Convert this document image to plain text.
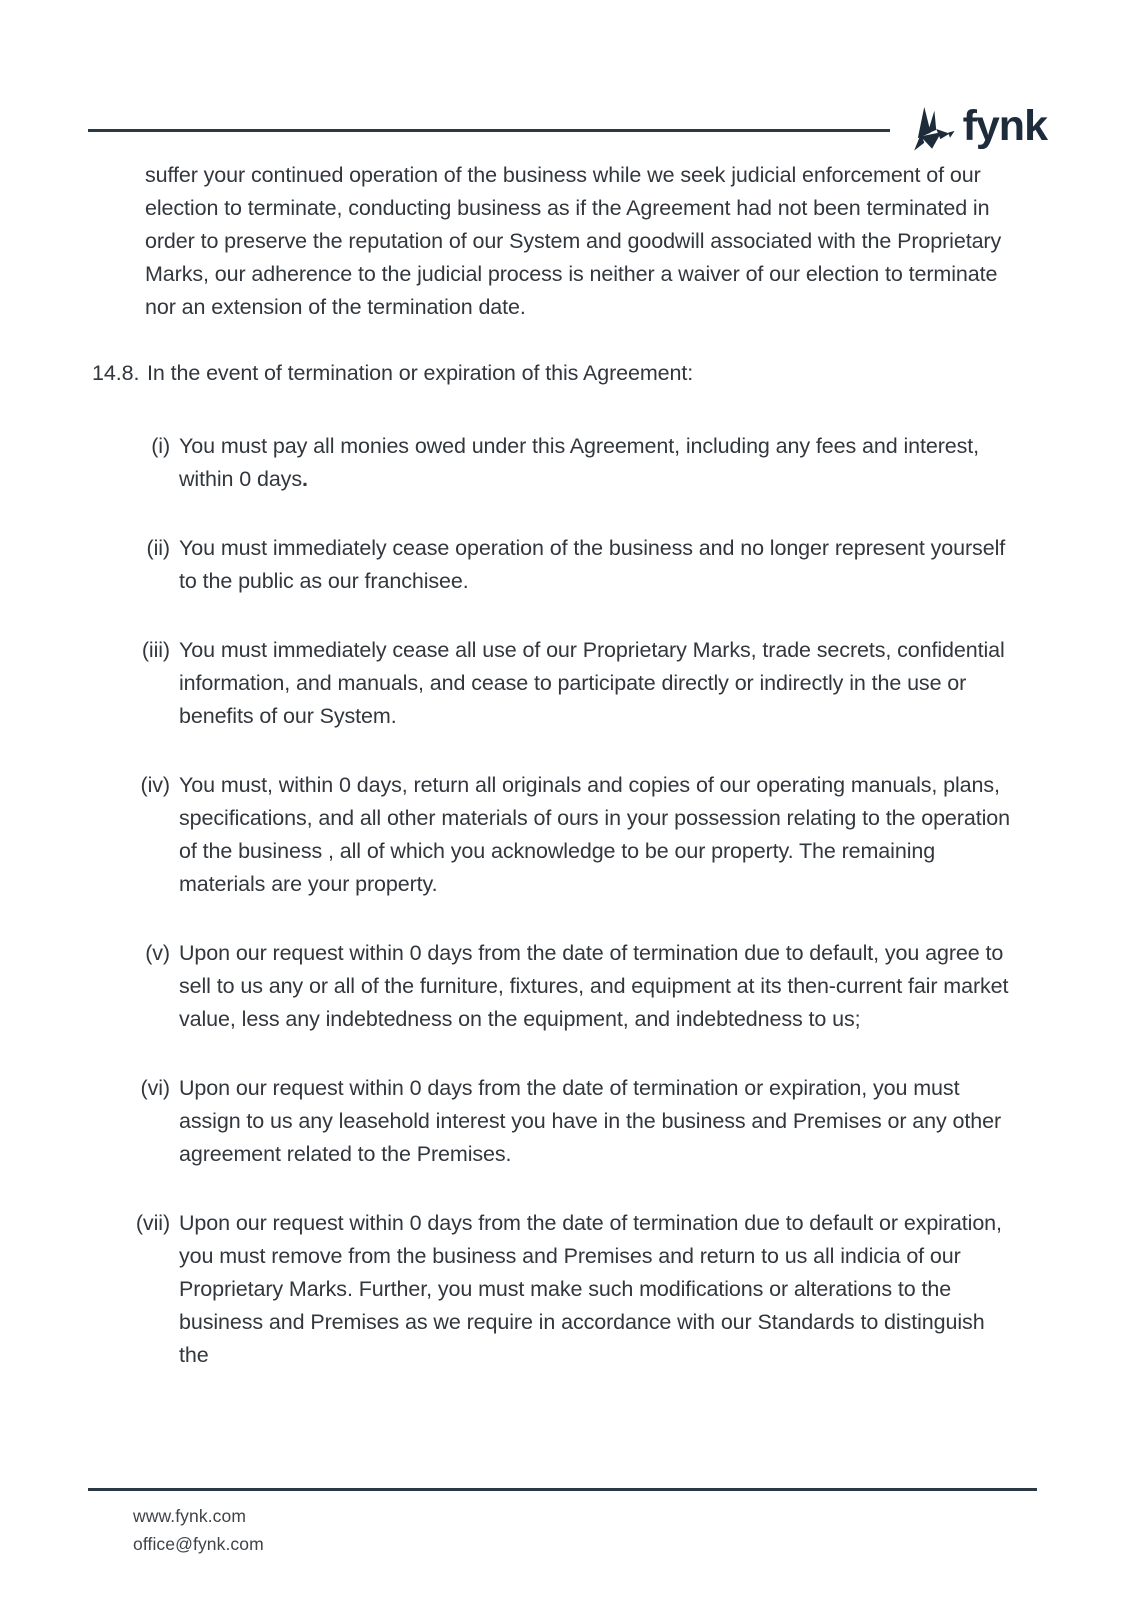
fynk

suffer your continued operation of the business while we seek judicial enforcement of our election to terminate, conducting business as if the Agreement had not been terminated in order to preserve the reputation of our System and goodwill associated with the Proprietary Marks, our adherence to the judicial process is neither a waiver of our election to terminate nor an extension of the termination date.

14.8. In the event of termination or expiration of this Agreement:
(i) You must pay all monies owed under this Agreement, including any fees and interest, within 0 days.
(ii) You must immediately cease operation of the business and no longer represent yourself to the public as our franchisee.
(iii) You must immediately cease all use of our Proprietary Marks, trade secrets, confidential information, and manuals, and cease to participate directly or indirectly in the use or benefits of our System.
(iv) You must, within 0 days, return all originals and copies of our operating manuals, plans, specifications, and all other materials of ours in your possession relating to the operation of the business , all of which you acknowledge to be our property. The remaining materials are your property.
(v) Upon our request within 0 days from the date of termination due to default, you agree to sell to us any or all of the furniture, fixtures, and equipment at its then-current fair market value, less any indebtedness on the equipment, and indebtedness to us;
(vi) Upon our request within 0 days from the date of termination or expiration, you must assign to us any leasehold interest you have in the business and Premises or any other agreement related to the Premises.
(vii) Upon our request within 0 days from the date of termination due to default or expiration, you must remove from the business and Premises and return to us all indicia of our Proprietary Marks. Further, you must make such modifications or alterations to the business and Premises as we require in accordance with our Standards to distinguish the
www.fynk.com
office@fynk.com
